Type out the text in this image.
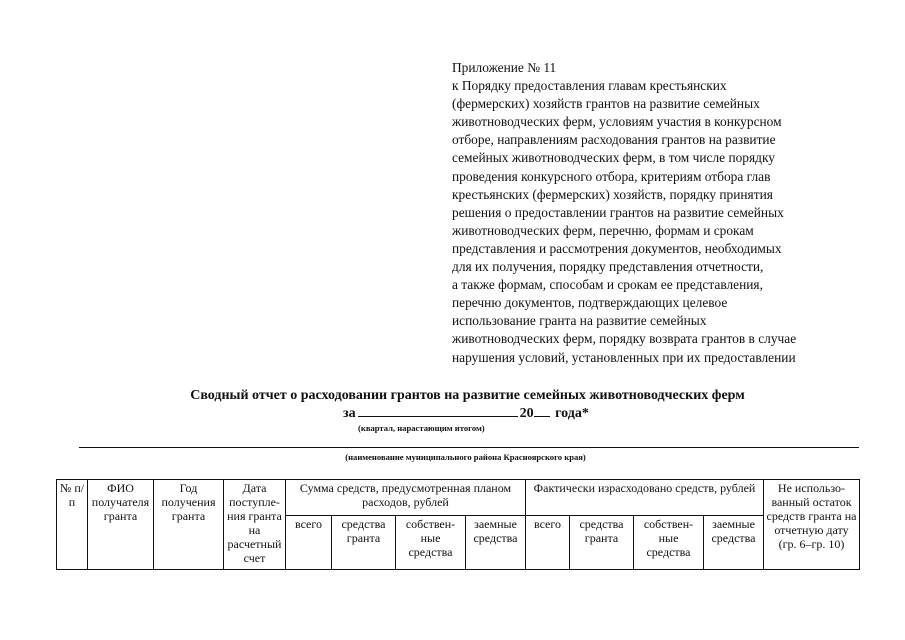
Приложение № 11
к Порядку предоставления главам крестьянских
(фермерских) хозяйств грантов на развитие семейных
животноводческих ферм, условиям участия в конкурсном
отборе, направлениям расходования грантов на развитие
семейных животноводческих ферм, в том числе порядку
проведения конкурсного отбора, критериям отбора глав
крестьянских (фермерских) хозяйств, порядку принятия
решения о предоставлении грантов на развитие семейных
животноводческих ферм, перечню, формам и срокам
представления и рассмотрения документов, необходимых
для их получения, порядку представления отчетности,
а также формам, способам и срокам ее представления,
перечню документов, подтверждающих целевое
использование гранта на развитие семейных
животноводческих ферм, порядку возврата грантов в случае
нарушения условий, установленных при их предоставлении
Сводный отчет о расходовании грантов на развитие семейных животноводческих ферм
за	20 года*
(квартал, нарастающим итогом)
(наименование муниципального района Красноярского края)
№ п/п	ФИО получателя гранта	Год получения гранта	Дата поступле-ния гранта на расчетный счет	Сумма средств, предусмотренная планом расходов, рублей				Фактически израсходовано средств, рублей				Не использо-ванный остаток средств гранта на отчетную дату (гр. 6–гр. 10)
				всего	средства гранта	собствен-ные средства	заемные средства	всего	средства гранта	собствен-ные средства	заемные средства	
